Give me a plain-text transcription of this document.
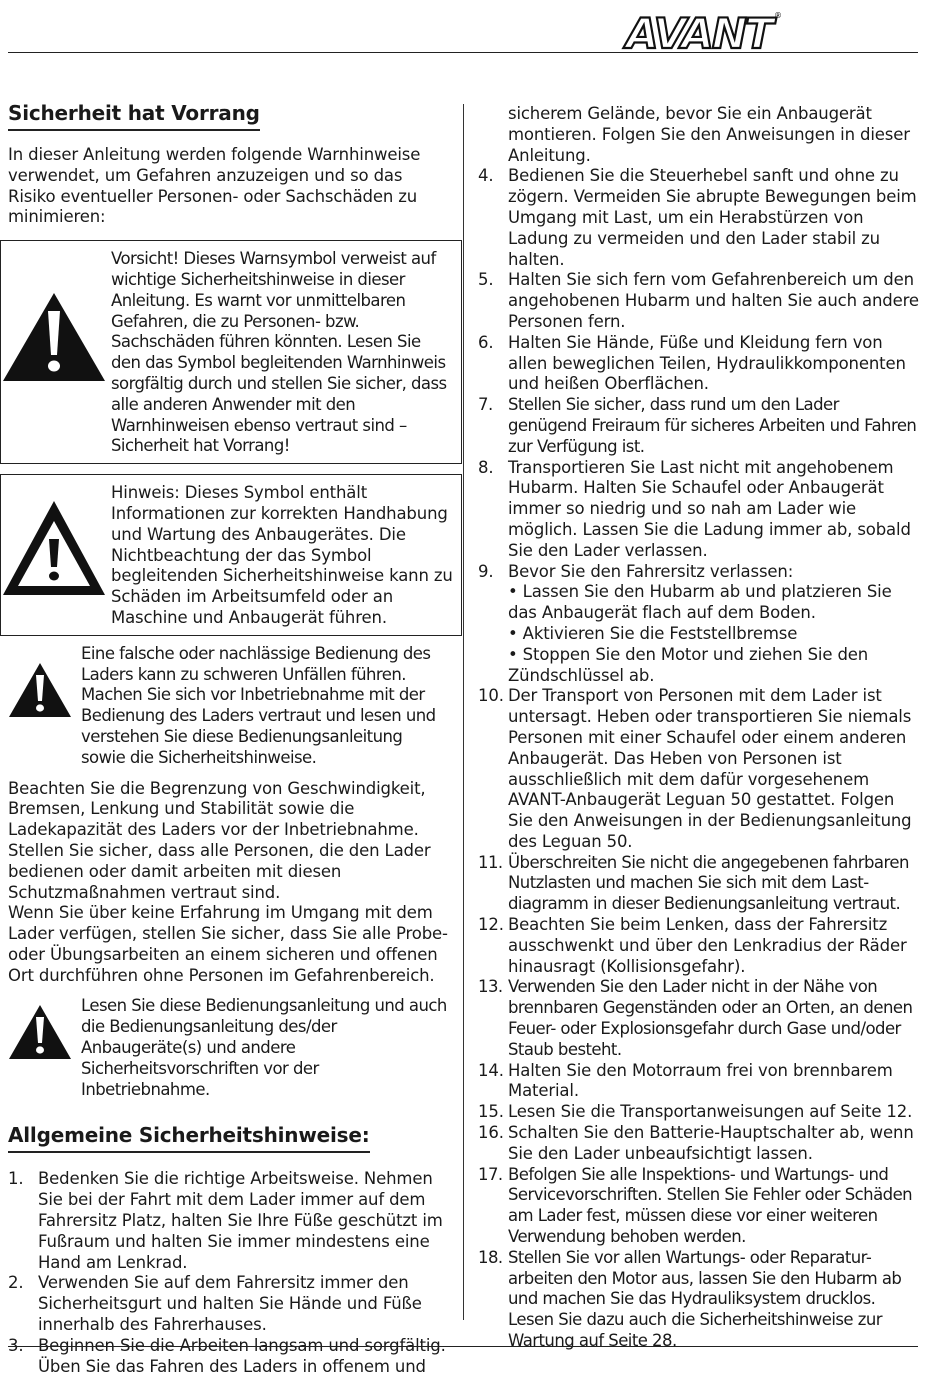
AVANT ®
Sicherheit hat Vorrang

In dieser Anleitung werden folgende Warnhinweise verwendet, um Gefahren anzuzeigen und so das Risiko eventueller Personen- oder Sachschäden zu minimieren:

Vorsicht! Dieses Warnsymbol verweist auf wichtige Sicherheitshinweise in dieser Anleitung. Es warnt vor unmittelbaren Gefahren, die zu Personen- bzw. Sachschäden führen könnten. Lesen Sie den das Symbol begleitenden Warnhinweis sorgfältig durch und stellen Sie sicher, dass alle anderen Anwender mit den Warnhinweisen ebenso vertraut sind – Sicherheit hat Vorrang!

Hinweis: Dieses Symbol enthält Informationen zur korrekten Handhabung und Wartung des Anbaugerätes. Die Nichtbeachtung der das Symbol begleitenden Sicherheitshinweise kann zu Schäden im Arbeitsumfeld oder an Maschine und Anbaugerät führen.

Eine falsche oder nachlässige Bedienung des Laders kann zu schweren Unfällen führen. Machen Sie sich vor Inbetriebnahme mit der Bedienung des Laders vertraut und lesen und verstehen Sie diese Bedienungsanleitung sowie die Sicherheitshinweise.

Beachten Sie die Begrenzung von Geschwindigkeit, Bremsen, Lenkung und Stabilität sowie die Ladekapazität des Laders vor der Inbetriebnahme. Stellen Sie sicher, dass alle Personen, die den Lader bedienen oder damit arbeiten mit diesen Schutzmaßnahmen vertraut sind.

Wenn Sie über keine Erfahrung im Umgang mit dem Lader verfügen, stellen Sie sicher, dass Sie alle Probe- oder Übungsarbeiten an einem sicheren und offenen Ort durchführen ohne Personen im Gefahrenbereich.

Lesen Sie diese Bedienungsanleitung und auch die Bedienungsanleitung des/der Anbaugeräte(s) und andere Sicherheitsvorschriften vor der Inbetriebnahme.

Allgemeine Sicherheitshinweise:
1. Bedenken Sie die richtige Arbeitsweise. Nehmen Sie bei der Fahrt mit dem Lader immer auf dem Fahrersitz Platz, halten Sie Ihre Füße geschützt im Fußraum und halten Sie immer mindestens eine Hand am Lenkrad.
2. Verwenden Sie auf dem Fahrersitz immer den Sicherheitsgurt und halten Sie Hände und Füße innerhalb des Fahrerhauses.
3. Beginnen Sie die Arbeiten langsam und sorgfältig. Üben Sie das Fahren des Laders in offenem und

sicherem Gelände, bevor Sie ein Anbaugerät montieren. Folgen Sie den Anweisungen in dieser Anleitung.

4. Bedienen Sie die Steuerhebel sanft und ohne zu zögern. Vermeiden Sie abrupte Bewegungen beim Umgang mit Last, um ein Herabstürzen von Ladung zu vermeiden und den Lader stabil zu halten.
5. Halten Sie sich fern vom Gefahrenbereich um den angehobenen Hubarm und halten Sie auch andere Personen fern.
6. Halten Sie Hände, Füße und Kleidung fern von allen beweglichen Teilen, Hydraulikkomponenten und heißen Oberflächen.
7. Stellen Sie sicher, dass rund um den Lader genügend Freiraum für sicheres Arbeiten und Fahren zur Verfügung ist.
8. Transportieren Sie Last nicht mit angehobenem Hubarm. Halten Sie Schaufel oder Anbaugerät immer so niedrig und so nah am Lader wie möglich. Lassen Sie die Ladung immer ab, sobald Sie den Lader verlassen.
9. Bevor Sie den Fahrersitz verlassen:
• Lassen Sie den Hubarm ab und platzieren Sie das Anbaugerät flach auf dem Boden.
• Aktivieren Sie die Feststellbremse
• Stoppen Sie den Motor und ziehen Sie den Zündschlüssel ab.
10. Der Transport von Personen mit dem Lader ist untersagt. Heben oder transportieren Sie niemals Personen mit einer Schaufel oder einem anderen Anbaugerät. Das Heben von Personen ist ausschließlich mit dem dafür vorgesehenem AVANT-Anbaugerät Leguan 50 gestattet. Folgen Sie den Anweisungen in der Bedienungsanleitung des Leguan 50.
11. Überschreiten Sie nicht die angegebenen fahrbaren Nutzlasten und machen Sie sich mit dem Last-diagramm in dieser Bedienungsanleitung vertraut.
12. Beachten Sie beim Lenken, dass der Fahrersitz ausschwenkt und über den Lenkradius der Räder hinausragt (Kollisionsgefahr).
13. Verwenden Sie den Lader nicht in der Nähe von brennbaren Gegenständen oder an Orten, an denen Feuer- oder Explosionsgefahr durch Gase und/oder Staub besteht.
14. Halten Sie den Motorraum frei von brennbarem Material.
15. Lesen Sie die Transportanweisungen auf Seite 12.
16. Schalten Sie den Batterie-Hauptschalter ab, wenn Sie den Lader unbeaufsichtigt lassen.
17. Befolgen Sie alle Inspektions- und Wartungs- und Servicevorschriften. Stellen Sie Fehler oder Schäden am Lader fest, müssen diese vor einer weiteren Verwendung behoben werden.
18. Stellen Sie vor allen Wartungs- oder Reparatur-arbeiten den Motor aus, lassen Sie den Hubarm ab und machen Sie das Hydrauliksystem drucklos. Lesen Sie dazu auch die Sicherheitshinweise zur Wartung auf Seite 28.
